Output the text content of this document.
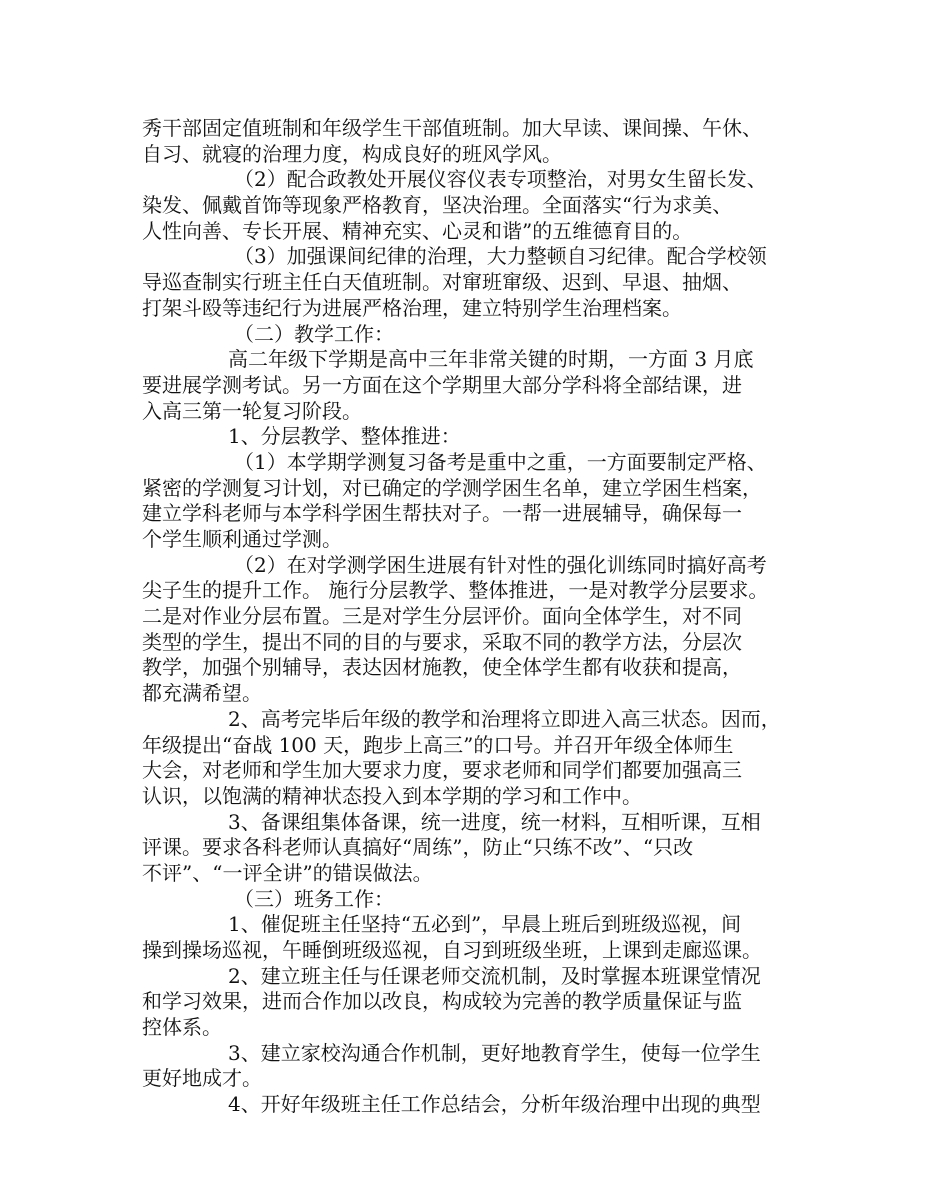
秀干部固定值班制和年级学生干部值班制。加大早读、课间操、午休、
自习、就寝的治理力度，构成良好的班风学风。
（2）配合政教处开展仪容仪表专项整治，对男女生留长发、
染发、佩戴首饰等现象严格教育，坚决治理。全面落实“行为求美、
人性向善、专长开展、精神充实、心灵和谐”的五维德育目的。
（3）加强课间纪律的治理，大力整顿自习纪律。配合学校领
导巡查制实行班主任白天值班制。对窜班窜级、迟到、早退、抽烟、
打架斗殴等违纪行为进展严格治理，建立特别学生治理档案。
（二）教学工作：
高二年级下学期是高中三年非常关键的时期，一方面 3 月底
要进展学测考试。另一方面在这个学期里大部分学科将全部结课，进
入高三第一轮复习阶段。
1、分层教学、整体推进：
（1）本学期学测复习备考是重中之重，一方面要制定严格、
紧密的学测复习计划，对已确定的学测学困生名单，建立学困生档案，
建立学科老师与本学科学困生帮扶对子。一帮一进展辅导，确保每一
个学生顺利通过学测。
（2）在对学测学困生进展有针对性的强化训练同时搞好高考
尖子生的提升工作。 施行分层教学、整体推进，一是对教学分层要求。
二是对作业分层布置。三是对学生分层评价。面向全体学生，对不同
类型的学生，提出不同的目的与要求，采取不同的教学方法，分层次
教学，加强个别辅导，表达因材施教，使全体学生都有收获和提高，
都充满希望。
2、高考完毕后年级的教学和治理将立即进入高三状态。因而，
年级提出“奋战 100 天，跑步上高三”的口号。并召开年级全体师生
大会，对老师和学生加大要求力度，要求老师和同学们都要加强高三
认识，以饱满的精神状态投入到本学期的学习和工作中。
3、备课组集体备课，统一进度，统一材料，互相听课，互相
评课。要求各科老师认真搞好“周练”，防止“只练不改”、“只改
不评”、“一评全讲”的错误做法。
（三）班务工作：
1、催促班主任坚持“五必到”，早晨上班后到班级巡视，间
操到操场巡视，午睡倒班级巡视，自习到班级坐班，上课到走廊巡课。
2、建立班主任与任课老师交流机制，及时掌握本班课堂情况
和学习效果，进而合作加以改良，构成较为完善的教学质量保证与监
控体系。
3、建立家校沟通合作机制，更好地教育学生，使每一位学生
更好地成才。
4、开好年级班主任工作总结会，分析年级治理中出现的典型
